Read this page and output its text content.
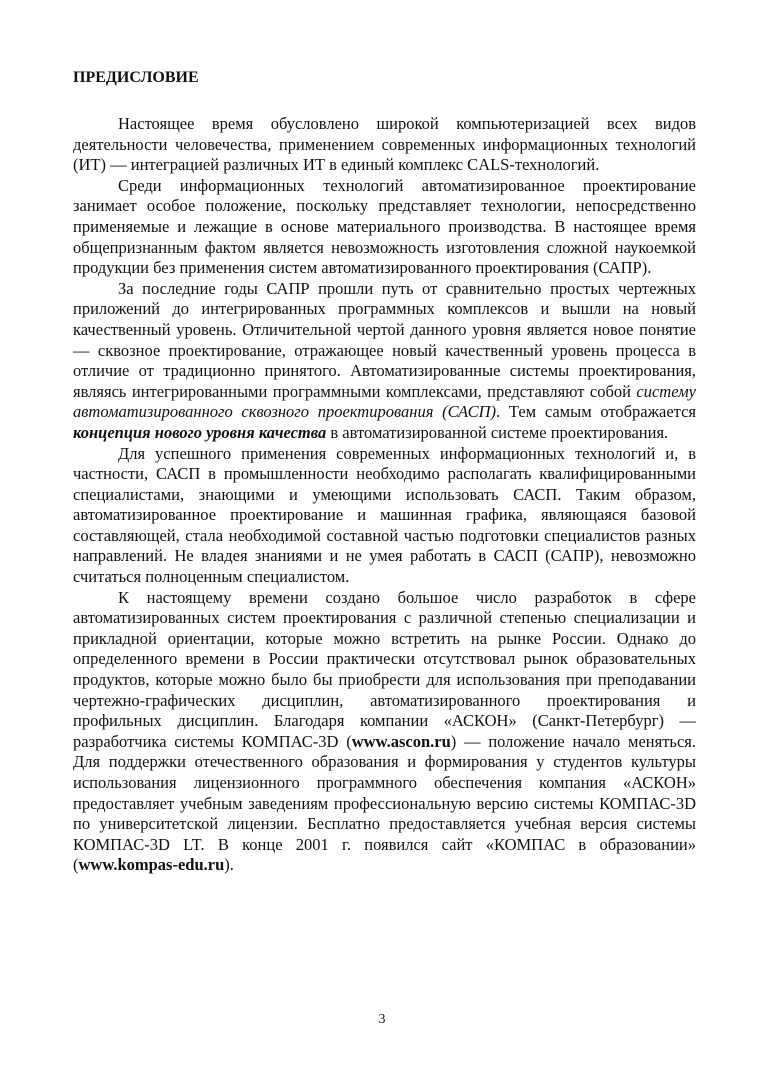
ПРЕДИСЛОВИЕ

Настоящее время обусловлено широкой компьютеризацией всех видов деятельности человечества, применением современных информационных технологий (ИТ) — интеграцией различных ИТ в единый комплекс CALS-технологий.

Среди информационных технологий автоматизированное проектирование занимает особое положение, поскольку представляет технологии, непосредственно применяемые и лежащие в основе материального производства. В настоящее время общепризнанным фактом является невозможность изготовления сложной наукоемкой продукции без применения систем автоматизированного проектирования (САПР).

За последние годы САПР прошли путь от сравнительно простых чертежных приложений до интегрированных программных комплексов и вышли на новый качественный уровень. Отличительной чертой данного уровня является новое понятие — сквозное проектирование, отражающее новый качественный уровень процесса в отличие от традиционно принятого. Автоматизированные системы проектирования, являясь интегрированными программными комплексами, представляют собой систему автоматизированного сквозного проектирования (САСП). Тем самым отображается концепция нового уровня качества в автоматизированной системе проектирования.

Для успешного применения современных информационных технологий и, в частности, САСП в промышленности необходимо располагать квалифицированными специалистами, знающими и умеющими использовать САСП. Таким образом, автоматизированное проектирование и машинная графика, являющаяся базовой составляющей, стала необходимой составной частью подготовки специалистов разных направлений. Не владея знаниями и не умея работать в САСП (САПР), невозможно считаться полноценным специалистом.

К настоящему времени создано большое число разработок в сфере автоматизированных систем проектирования с различной степенью специализации и прикладной ориентации, которые можно встретить на рынке России. Однако до определенного времени в России практически отсутствовал рынок образовательных продуктов, которые можно было бы приобрести для использования при преподавании чертежно-графических дисциплин, автоматизированного проектирования и профильных дисциплин. Благодаря компании «АСКОН» (Санкт-Петербург) — разработчика системы КОМПАС-3D (www.ascon.ru) — положение начало меняться. Для поддержки отечественного образования и формирования у студентов культуры использования лицензионного программного обеспечения компания «АСКОН» предоставляет учебным заведениям профессиональную версию системы КОМПАС-3D по университетской лицензии. Бесплатно предоставляется учебная версия системы КОМПАС-3D LT. В конце 2001 г. появился сайт «КОМПАС в образовании» (www.kompas-edu.ru).

3
